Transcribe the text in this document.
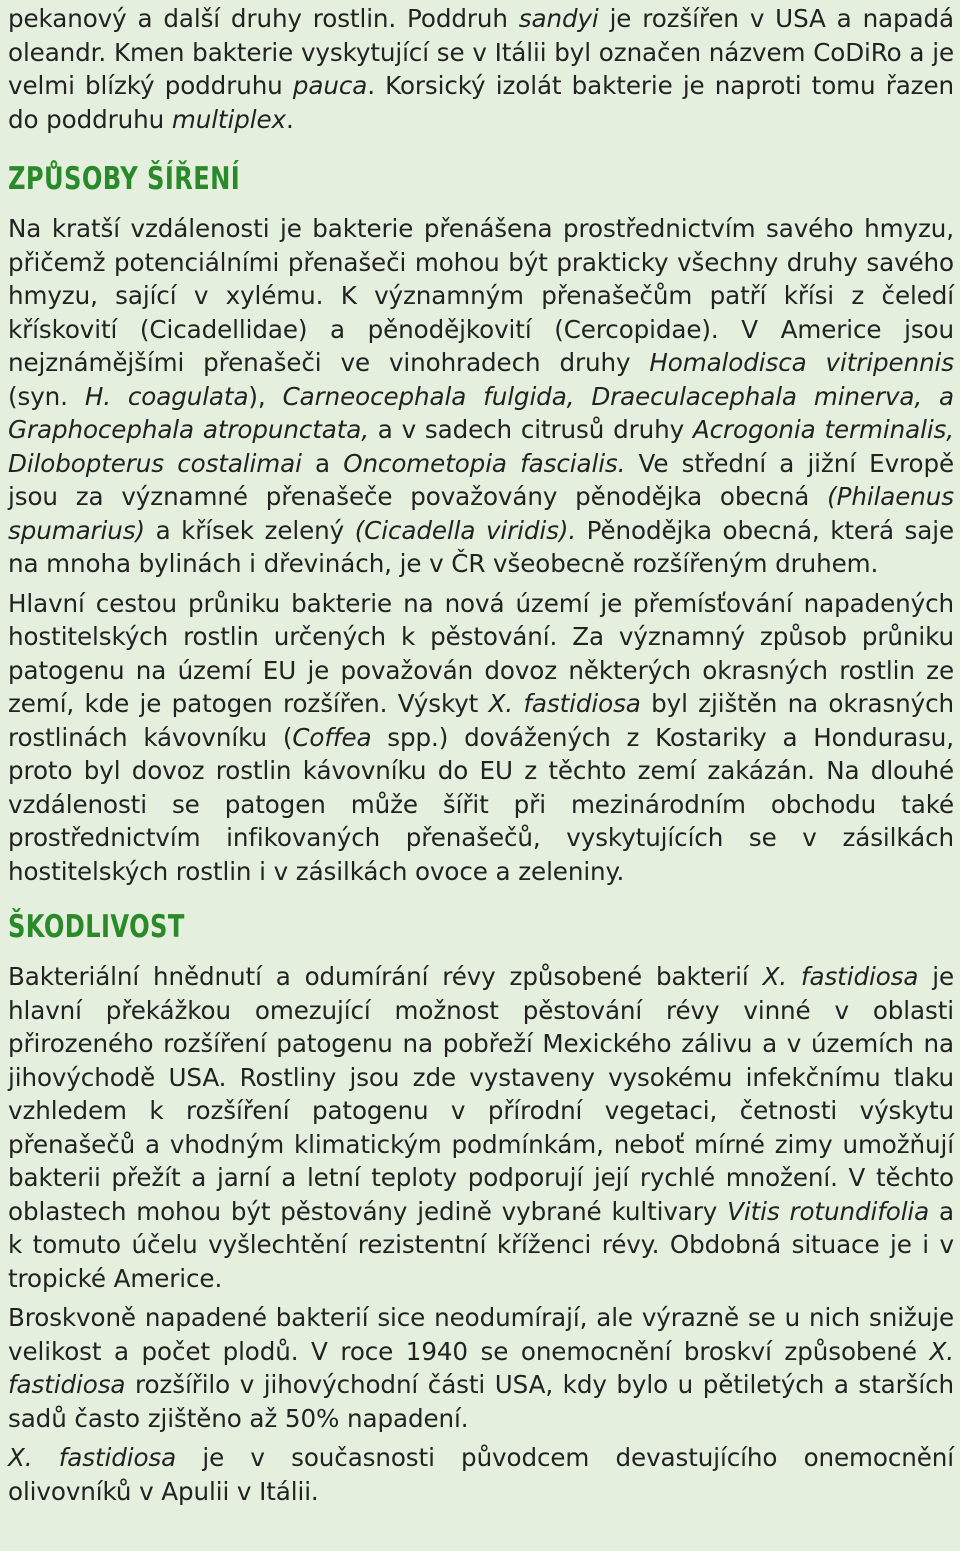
pekanový a další druhy rostlin. Poddruh sandyi je rozšířen v USA a napadá oleandr. Kmen bakterie vyskytující se v Itálii byl označen názvem CoDiRo a je velmi blízký poddruhu pauca. Korsický izolát bakterie je naproti tomu řazen do poddruhu multiplex.

ZPŮSOBY ŠÍŘENÍ

Na kratší vzdálenosti je bakterie přenášena prostřednictvím savého hmyzu, přičemž potenciálními přenašeči mohou být prakticky všechny druhy savého hmyzu, sající v xylému. K významným přenašečům patří křísi z čeledí křískovití (Cicadellidae) a pěnodějkovití (Cercopidae). V Americe jsou nejznámějšími přenašeči ve vinohradech druhy Homalodisca vitripennis (syn. H. coagulata), Carneocephala fulgida, Draeculacephala minerva, a Graphocephala atropunctata, a v sadech citrusů druhy Acrogonia terminalis, Dilobopterus costalimai a Oncometopia fascialis. Ve střední a jižní Evropě jsou za významné přenašeče považovány pěnodějka obecná (Philaenus spumarius) a křísek zelený (Cicadella viridis). Pěnodějka obecná, která saje na mnoha bylinách i dřevinách, je v ČR všeobecně rozšířeným druhem.

Hlavní cestou průniku bakterie na nová území je přemísťování napadených hostitelských rostlin určených k pěstování. Za významný způsob průniku patogenu na území EU je považován dovoz některých okrasných rostlin ze zemí, kde je patogen rozšířen. Výskyt X. fastidiosa byl zjištěn na okrasných rostlinách kávovníku (Coffea spp.) dovážených z Kostariky a Hondurasu, proto byl dovoz rostlin kávovníku do EU z těchto zemí zakázán. Na dlouhé vzdálenosti se patogen může šířit při mezinárodním obchodu také prostřednictvím infikovaných přenašečů, vyskytujících se v zásilkách hostitelských rostlin i v zásilkách ovoce a zeleniny.

ŠKODLIVOST

Bakteriální hnědnutí a odumírání révy způsobené bakterií X. fastidiosa je hlavní překážkou omezující možnost pěstování révy vinné v oblasti přirozeného rozšíření patogenu na pobřeží Mexického zálivu a v územích na jihovýchodě USA. Rostliny jsou zde vystaveny vysokému infekčnímu tlaku vzhledem k rozšíření patogenu v přírodní vegetaci, četnosti výskytu přenašečů a vhodným klimatickým podmínkám, neboť mírné zimy umožňují bakterii přežít a jarní a letní teploty podporují její rychlé množení. V těchto oblastech mohou být pěstovány jedině vybrané kultivary Vitis rotundifolia a k tomuto účelu vyšlechtění rezistentní kříženci révy. Obdobná situace je i v tropické Americe.

Broskvoně napadené bakterií sice neodumírají, ale výrazně se u nich snižuje velikost a počet plodů. V roce 1940 se onemocnění broskví způsobené X. fastidiosa rozšířilo v jihovýchodní části USA, kdy bylo u pětiletých a starších sadů často zjištěno až 50% napadení.

X. fastidiosa je v současnosti původcem devastujícího onemocnění olivovníků v Apulii v Itálii.
